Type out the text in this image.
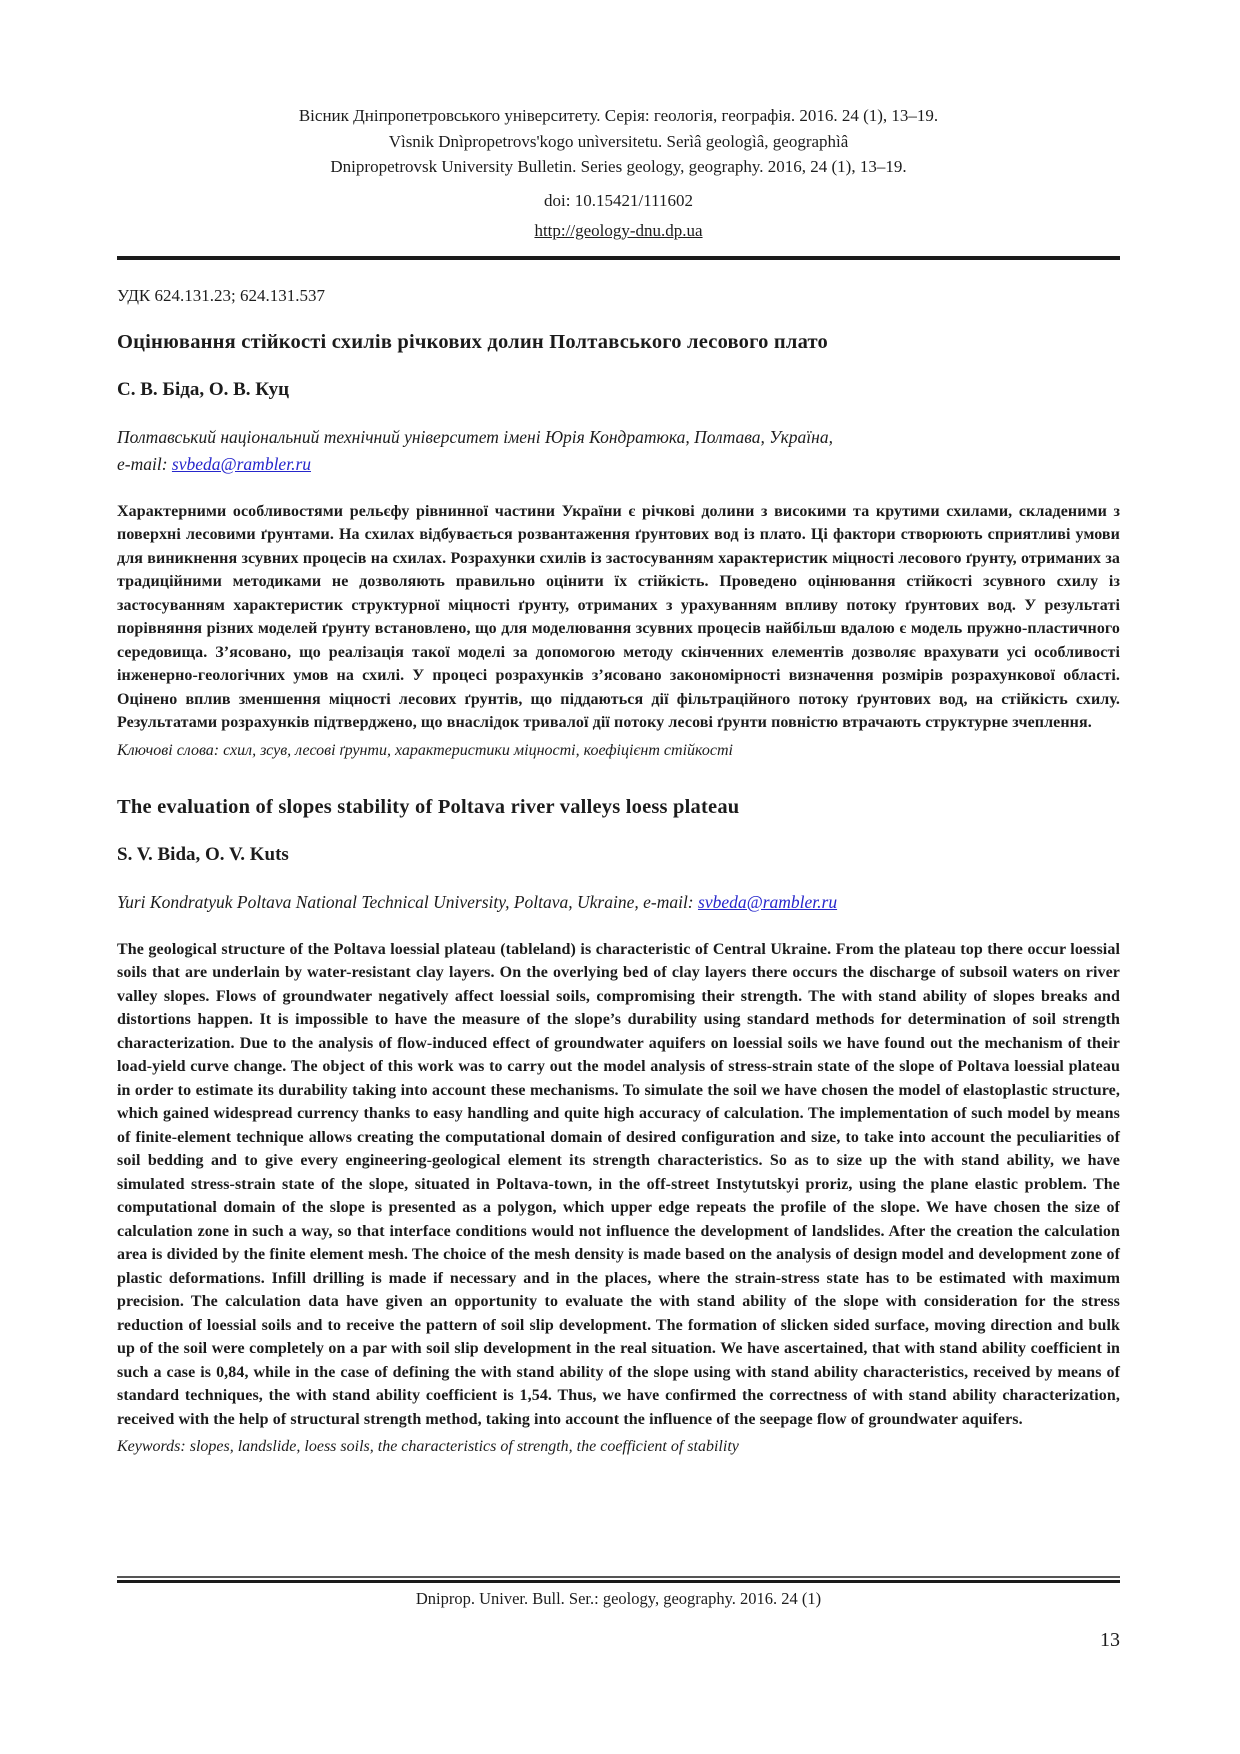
Вісник Дніпропетровського університету. Серія: геологія, географія. 2016. 24 (1), 13–19.
Vìsnik Dnìpropetrovs'kogo unìversitetu. Serìâ geologìâ, geographìâ
Dnipropetrovsk University Bulletin. Series geology, geography. 2016, 24 (1), 13–19.
doi: 10.15421/111602
http://geology-dnu.dp.ua
УДК 624.131.23; 624.131.537
Оцінювання стійкості схилів річкових долин Полтавського лесового плато
С. В. Біда, О. В. Куц
Полтавський національний технічний університет імені Юрія Кондратюка, Полтава, Україна,
e-mail: svbeda@rambler.ru
Характерними особливостями рельєфу рівнинної частини України є річкові долини з високими та крутими схилами, складеними з поверхні лесовими ґрунтами. На схилах відбувається розвантаження ґрунтових вод із плато. Ці фактори створюють сприятливі умови для виникнення зсувних процесів на схилах. Розрахунки схилів із застосуванням характеристик міцності лесового ґрунту, отриманих за традиційними методиками не дозволяють правильно оцінити їх стійкість. Проведено оцінювання стійкості зсувного схилу із застосуванням характеристик структурної міцності ґрунту, отриманих з урахуванням впливу потоку ґрунтових вод. У результаті порівняння різних моделей ґрунту встановлено, що для моделювання зсувних процесів найбільш вдалою є модель пружно-пластичного середовища. З’ясовано, що реалізація такої моделі за допомогою методу скінченних елементів дозволяє врахувати усі особливості інженерно-геологічних умов на схилі. У процесі розрахунків з’ясовано закономірності визначення розмірів розрахункової області. Оцінено вплив зменшення міцності лесових ґрунтів, що піддаються дії фільтраційного потоку ґрунтових вод, на стійкість схилу. Результатами розрахунків підтверджено, що внаслідок тривалої дії потоку лесові ґрунти повністю втрачають структурне зчеплення.
Ключові слова: схил, зсув, лесові ґрунти, характеристики міцності, коефіцієнт стійкості
The evaluation of slopes stability of Poltava river valleys loess plateau
S. V. Bida, O. V. Kuts
Yuri Kondratyuk Poltava National Technical University, Poltava, Ukraine, e-mail: svbeda@rambler.ru
The geological structure of the Poltava loessial plateau (tableland) is characteristic of Central Ukraine. From the plateau top there occur loessial soils that are underlain by water-resistant clay layers. On the overlying bed of clay layers there occurs the discharge of subsoil waters on river valley slopes. Flows of groundwater negatively affect loessial soils, compromising their strength. The with stand ability of slopes breaks and distortions happen. It is impossible to have the measure of the slope’s durability using standard methods for determination of soil strength characterization. Due to the analysis of flow-induced effect of groundwater aquifers on loessial soils we have found out the mechanism of their load-yield curve change. The object of this work was to carry out the model analysis of stress-strain state of the slope of Poltava loessial plateau in order to estimate its durability taking into account these mechanisms. To simulate the soil we have chosen the model of elastoplastic structure, which gained widespread currency thanks to easy handling and quite high accuracy of calculation. The implementation of such model by means of finite-element technique allows creating the computational domain of desired configuration and size, to take into account the peculiarities of soil bedding and to give every engineering-geological element its strength characteristics. So as to size up the with stand ability, we have simulated stress-strain state of the slope, situated in Poltava-town, in the off-street Instytutskyi proriz, using the plane elastic problem. The computational domain of the slope is presented as a polygon, which upper edge repeats the profile of the slope. We have chosen the size of calculation zone in such a way, so that interface conditions would not influence the development of landslides. After the creation the calculation area is divided by the finite element mesh. The choice of the mesh density is made based on the analysis of design model and development zone of plastic deformations. Infill drilling is made if necessary and in the places, where the strain-stress state has to be estimated with maximum precision. The calculation data have given an opportunity to evaluate the with stand ability of the slope with consideration for the stress reduction of loessial soils and to receive the pattern of soil slip development. The formation of slicken sided surface, moving direction and bulk up of the soil were completely on a par with soil slip development in the real situation. We have ascertained, that with stand ability coefficient in such a case is 0,84, while in the case of defining the with stand ability of the slope using with stand ability characteristics, received by means of standard techniques, the with stand ability coefficient is 1,54. Thus, we have confirmed the correctness of with stand ability characterization, received with the help of structural strength method, taking into account the influence of the seepage flow of groundwater aquifers.
Keywords: slopes, landslide, loess soils, the characteristics of strength, the coefficient of stability
Dniprop. Univer. Bull. Ser.: geology, geography. 2016. 24 (1)
13
